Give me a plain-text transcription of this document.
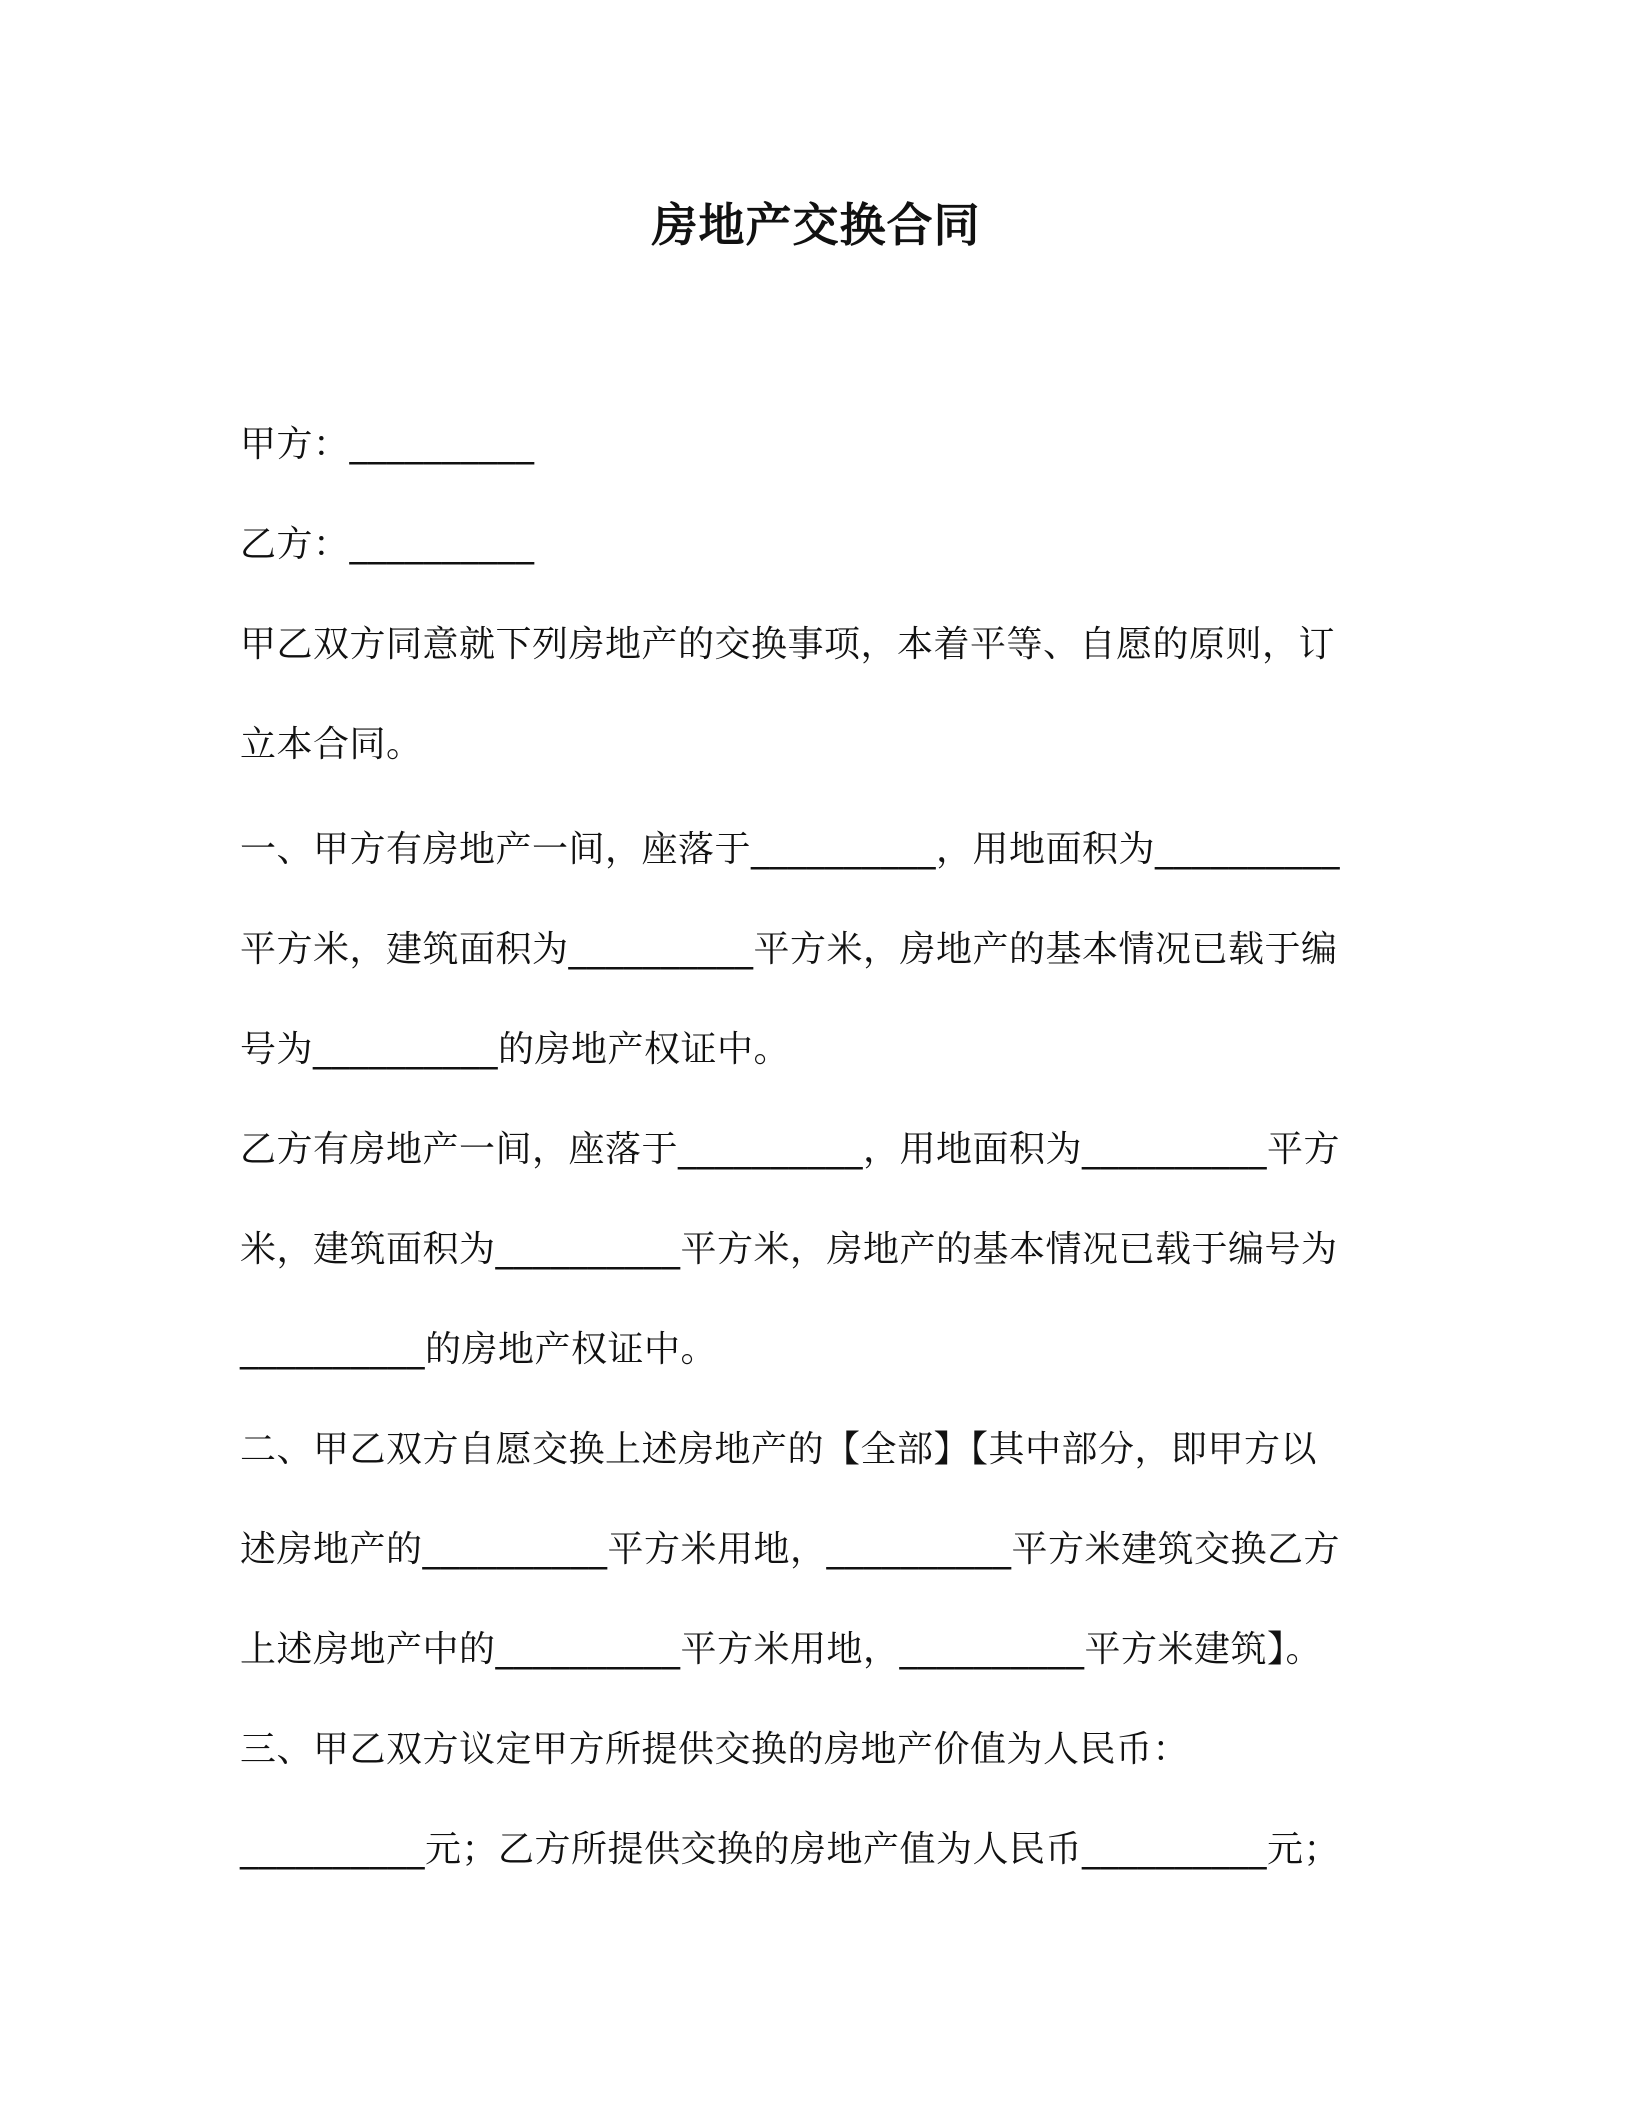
房地产交换合同
甲方：__________
乙方：__________
甲乙双方同意就下列房地产的交换事项，本着平等、自愿的原则，订
立本合同。
一、甲方有房地产一间，座落于__________，用地面积为__________
平方米，建筑面积为__________平方米，房地产的基本情况已载于编
号为__________的房地产权证中。
乙方有房地产一间，座落于__________，用地面积为__________平方
米，建筑面积为__________平方米，房地产的基本情况已载于编号为
__________的房地产权证中。
二、甲乙双方自愿交换上述房地产的【全部】【其中部分，即甲方以
述房地产的__________平方米用地，__________平方米建筑交换乙方
上述房地产中的__________平方米用地，__________平方米建筑】。
三、甲乙双方议定甲方所提供交换的房地产价值为人民币：
__________元；乙方所提供交换的房地产值为人民币__________元；
